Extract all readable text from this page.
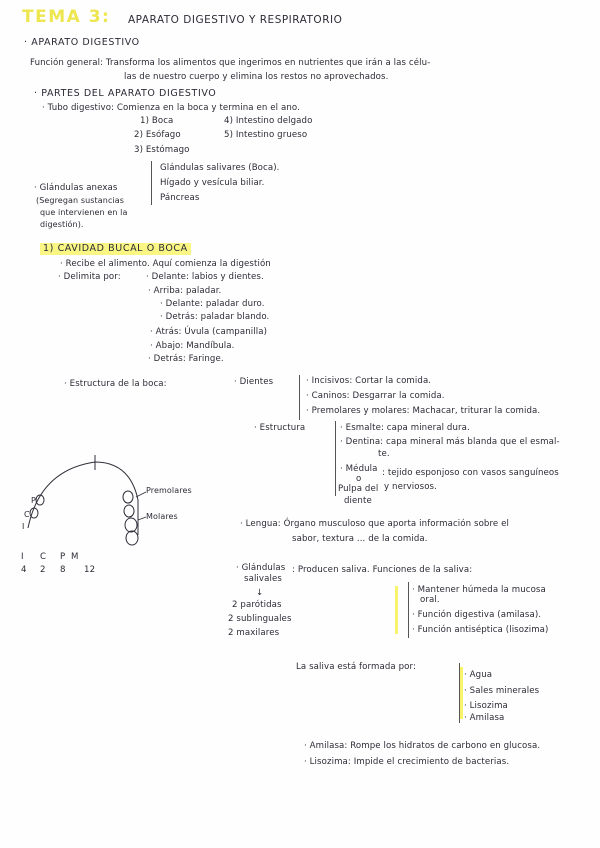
TEMA 3: APARATO DIGESTIVO Y RESPIRATORIO
· APARATO DIGESTIVO
Función general: Transforma los alimentos que ingerimos en nutrientes que irán a las célu-
las de nuestro cuerpo y elimina los restos no aprovechados.
· PARTES DEL APARATO DIGESTIVO
· Tubo digestivo: Comienza en la boca y termina en el ano.
1) Boca	4) Intestino delgado
2) Esófago	5) Intestino grueso
3) Estómago
Glándulas salivares (Boca).
Hígado y vesícula biliar.
Páncreas
· Glándulas anexas
(Segregan sustancias
que intervienen en la
digestión).
1) CAVIDAD BUCAL O BOCA
· Recibe el alimento. Aquí comienza la digestión
· Delimita por:	· Delante: labios y dientes.
· Arriba: paladar.
· Delante: paladar duro.
· Detrás: paladar blando.
· Atrás: Úvula (campanilla)
· Abajo: Mandíbula.
· Detrás: Faringe.
· Estructura de la boca:	· Dientes	· Incisivos: Cortar la comida.
· Caninos: Desgarrar la comida.
· Premolares y molares: Machacar, triturar la comida.
· Estructura	· Esmalte: capa mineral dura.
· Dentina: capa mineral más blanda que el esmal-
te.
· Médula
o
Pulpa del
diente
: tejido esponjoso con vasos sanguíneos
y nerviosos.
· Lengua: Órgano musculoso que aporta información sobre el
sabor, textura ... de la comida.
· Glándulas
salivales
: Producen saliva. Funciones de la saliva:
↓
2 parótidas
2 sublinguales
2 maxilares
· Mantener húmeda la mucosa
oral.
· Función digestiva (amilasa).
· Función antiséptica (lisozima)
La saliva está formada por:
· Agua
· Sales minerales
· Lisozima
· Amilasa
· Amilasa: Rompe los hidratos de carbono en glucosa.
· Lisozima: Impide el crecimiento de bacterias.
I C P M
4 2 8 12
Premolares
Molares
P
C
I
